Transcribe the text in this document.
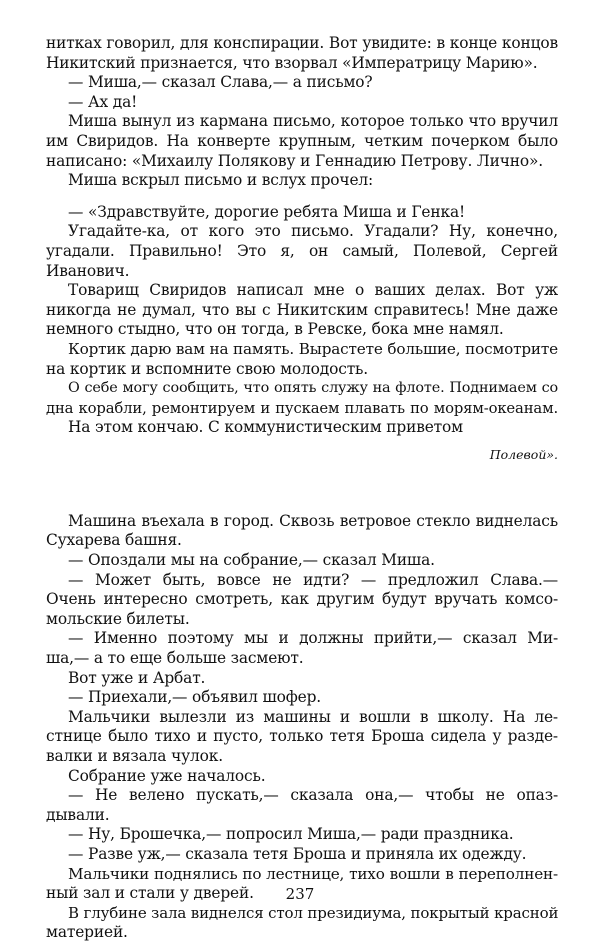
нитках говорил, для конспирации. Вот увидите: в конце концов
Никитский признается, что взорвал «Императрицу Марию».
— Миша,— сказал Слава,— а письмо?
— Ах да!
Миша вынул из кармана письмо, которое только что вручил
им Свиридов. На конверте крупным, четким почерком было
написано: «Михаилу Полякову и Геннадию Петрову. Лично».
Миша вскрыл письмо и вслух прочел:
— «Здравствуйте, дорогие ребята Миша и Генка!
Угадайте-ка, от кого это письмо. Угадали? Ну, конечно,
угадали. Правильно! Это я, он самый, Полевой, Сергей
Иванович.
Товарищ Свиридов написал мне о ваших делах. Вот уж
никогда не думал, что вы с Никитским справитесь! Мне даже
немного стыдно, что он тогда, в Ревске, бока мне намял.
Кортик дарю вам на память. Вырастете большие, посмотрите
на кортик и вспомните свою молодость.
О себе могу сообщить, что опять служу на флоте. Поднимаем со
дна корабли, ремонтируем и пускаем плавать по морям-океанам.
На этом кончаю. С коммунистическим приветом
Полевой».
Машина въехала в город. Сквозь ветровое стекло виднелась
Сухарева башня.
— Опоздали мы на собрание,— сказал Миша.
— Может быть, вовсе не идти? — предложил Слава.—
Очень интересно смотреть, как другим будут вручать комсо-
мольские билеты.
— Именно поэтому мы и должны прийти,— сказал Ми-
ша,— а то еще больше засмеют.
Вот уже и Арбат.
— Приехали,— объявил шофер.
Мальчики вылезли из машины и вошли в школу. На ле-
стнице было тихо и пусто, только тетя Броша сидела у разде-
валки и вязала чулок.
Собрание уже началось.
— Не велено пускать,— сказала она,— чтобы не опаз-
дывали.
— Ну, Брошечка,— попросил Миша,— ради праздника.
— Разве уж,— сказала тетя Броша и приняла их одежду.
Мальчики поднялись по лестнице, тихо вошли в переполнен-
ный зал и стали у дверей.
В глубине зала виднелся стол президиума, покрытый красной
материей.
237
